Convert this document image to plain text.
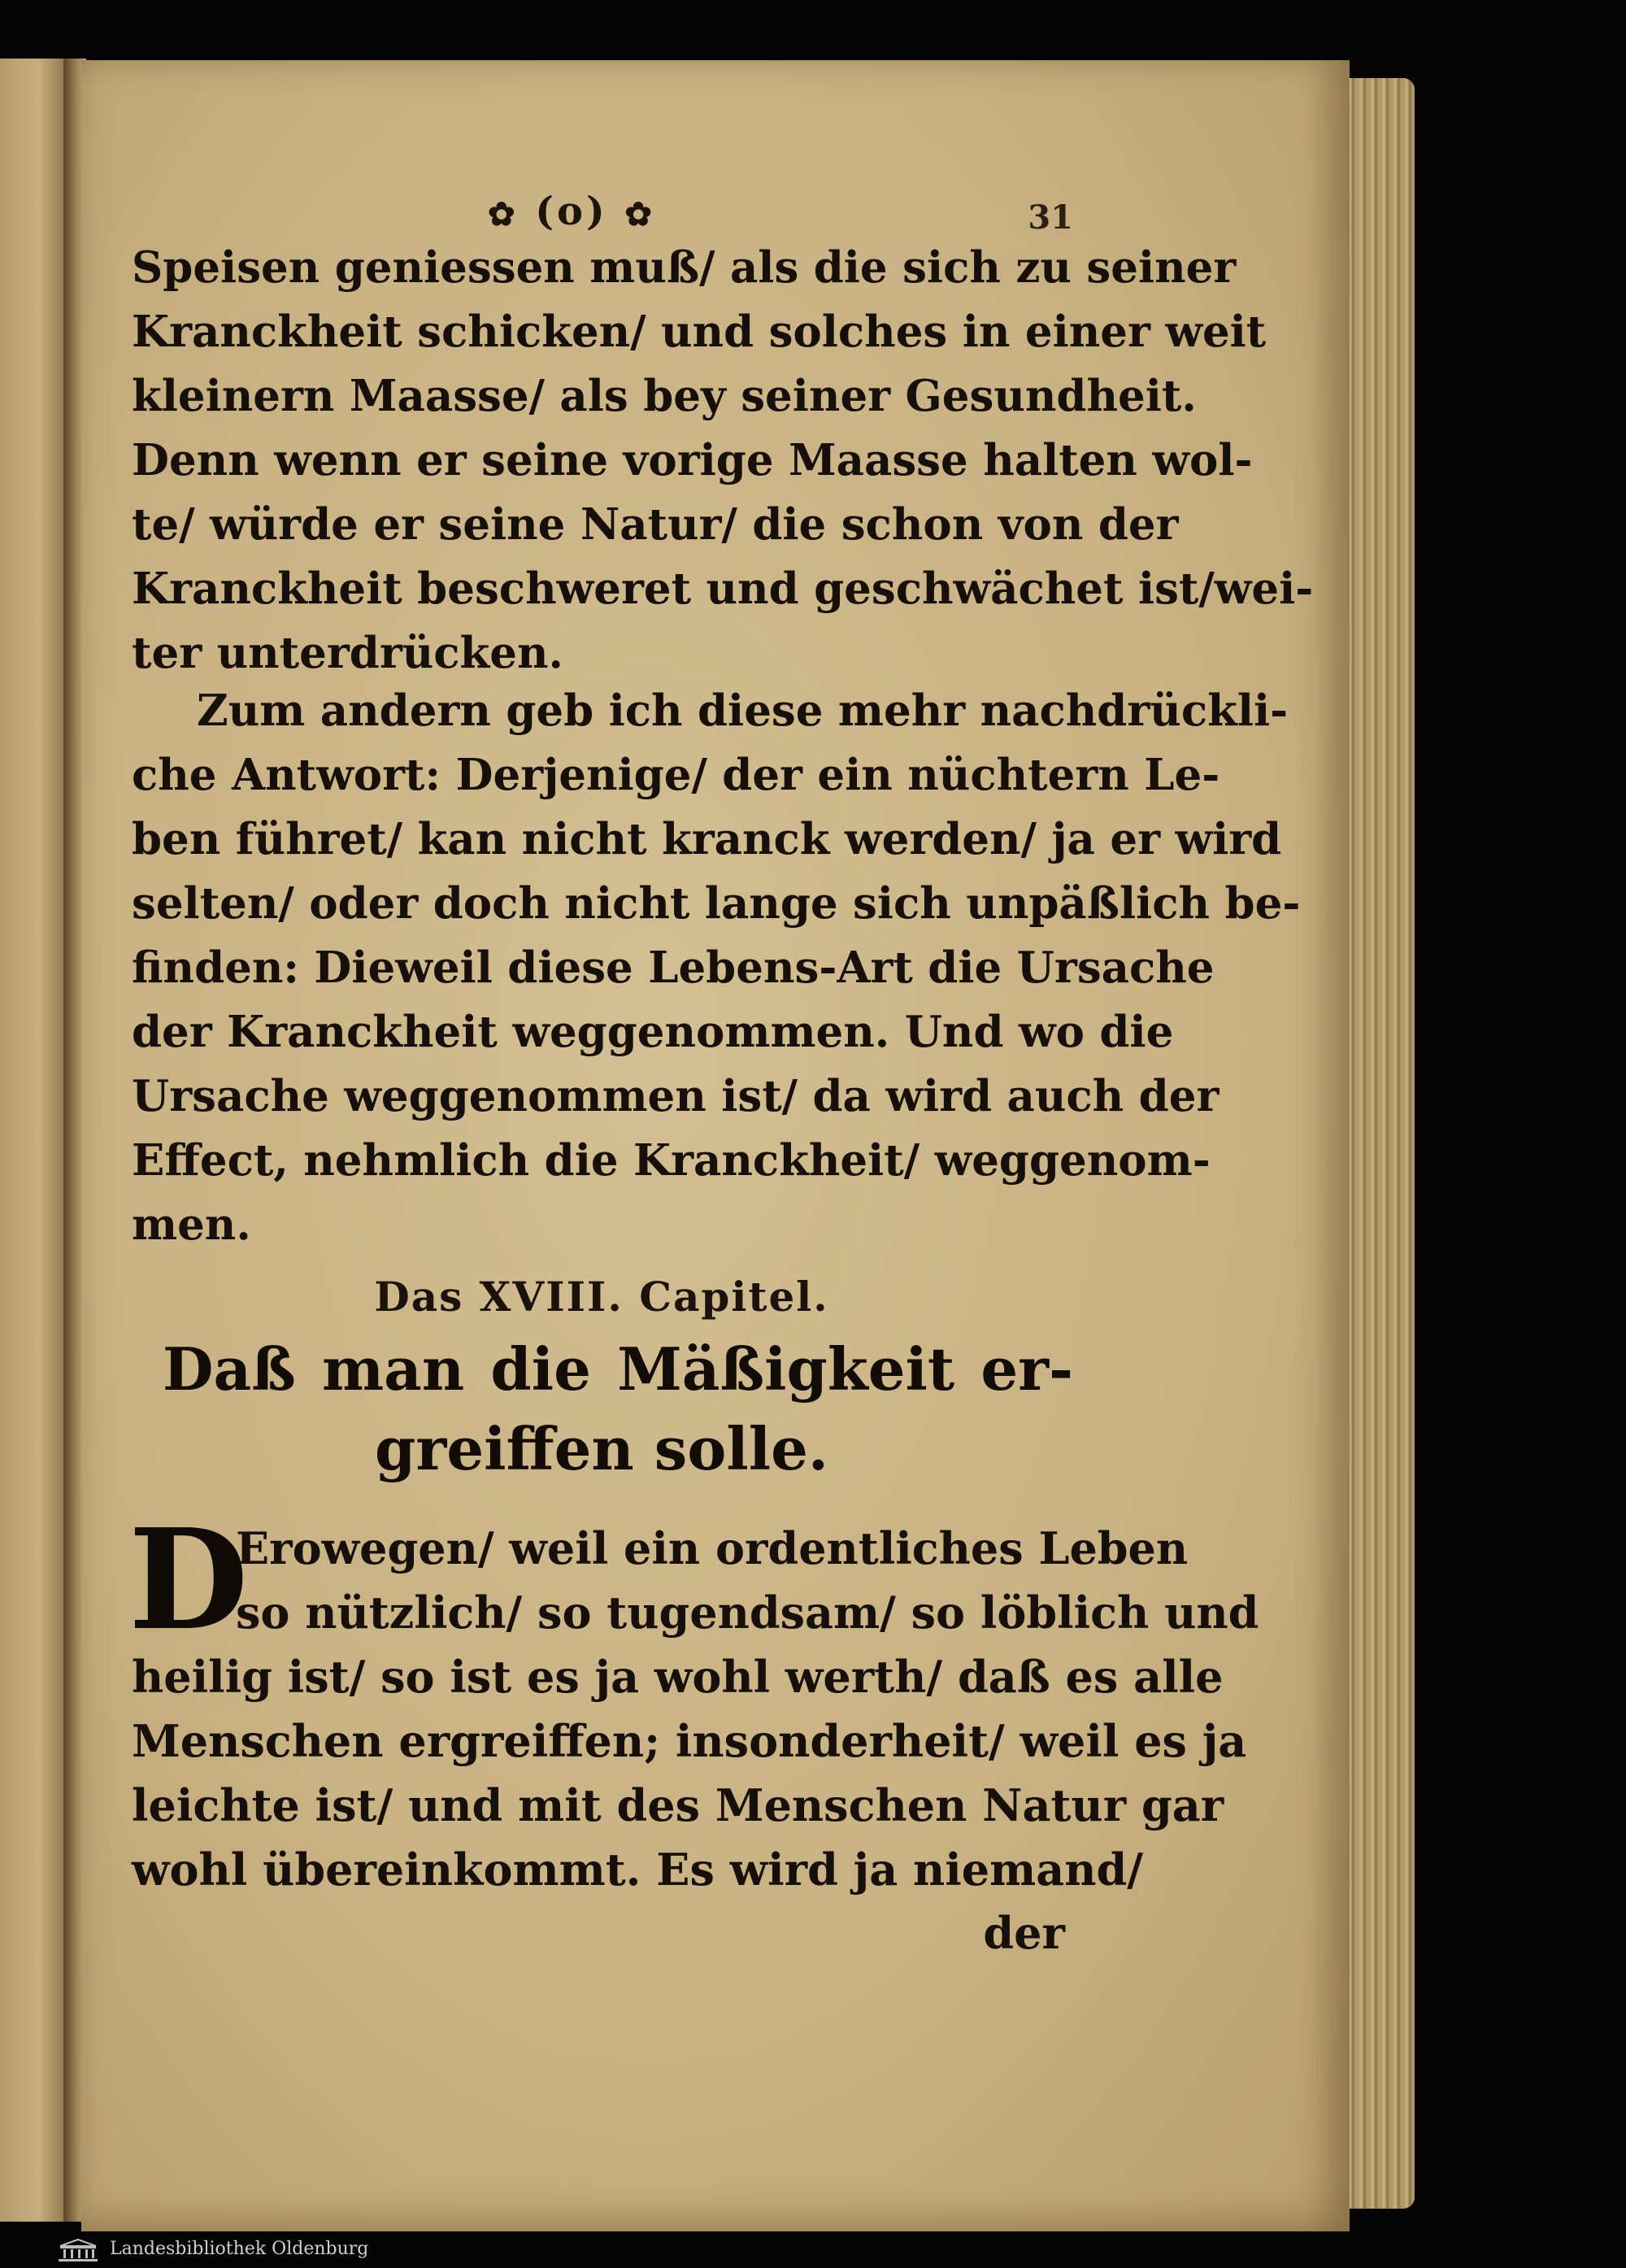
✿ (o) ✿	31
Speisen geniessen muß/ als die sich zu seiner
Kranckheit schicken/ und solches in einer weit
kleinern Maasse/ als bey seiner Gesundheit.
Denn wenn er seine vorige Maasse halten wol-
te/ würde er seine Natur/ die schon von der
Kranckheit beschweret und geschwächet ist/wei-
ter unterdrücken.
Zum andern geb ich diese mehr nachdrückli-
che Antwort: Derjenige/ der ein nüchtern Le-
ben führet/ kan nicht kranck werden/ ja er wird
selten/ oder doch nicht lange sich unpäßlich be-
finden: Dieweil diese Lebens-Art die Ursache
der Kranckheit weggenommen. Und wo die
Ursache weggenommen ist/ da wird auch der
Effect, nehmlich die Kranckheit/ weggenom-
men.
Das XVIII. Capitel.
Daß man die Mäßigkeit er-
greiffen solle.
D
Erowegen/ weil ein ordentliches Leben
so nützlich/ so tugendsam/ so löblich und
heilig ist/ so ist es ja wohl werth/ daß es alle
Menschen ergreiffen; insonderheit/ weil es ja
leichte ist/ und mit des Menschen Natur gar
wohl übereinkommt. Es wird ja niemand/
der
Landesbibliothek Oldenburg
